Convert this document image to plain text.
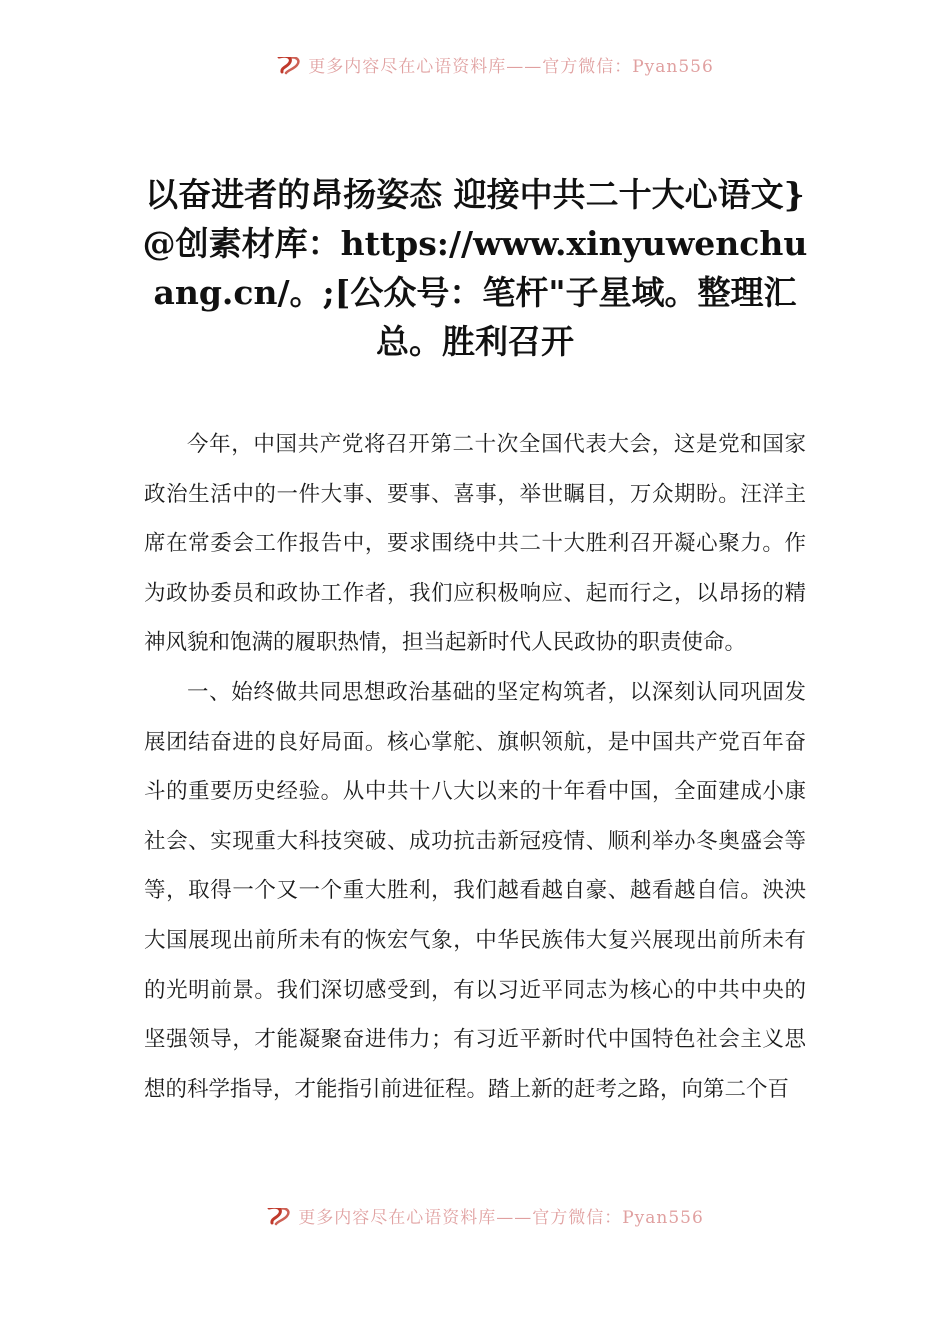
更多内容尽在心语资料库——官方微信：Pyan556
以奋进者的昂扬姿态 迎接中共二十大心语文}@创素材库：https://www.xinyuwenchuang.cn/。;[公众号：笔杆"子星域。整理汇总。胜利召开

今年，中国共产党将召开第二十次全国代表大会，这是党和国家政治生活中的一件大事、要事、喜事，举世瞩目，万众期盼。汪洋主席在常委会工作报告中，要求围绕中共二十大胜利召开凝心聚力。作为政协委员和政协工作者，我们应积极响应、起而行之，以昂扬的精神风貌和饱满的履职热情，担当起新时代人民政协的职责使命。

一、始终做共同思想政治基础的坚定构筑者，以深刻认同巩固发展团结奋进的良好局面。核心掌舵、旗帜领航，是中国共产党百年奋斗的重要历史经验。从中共十八大以来的十年看中国，全面建成小康社会、实现重大科技突破、成功抗击新冠疫情、顺利举办冬奥盛会等等，取得一个又一个重大胜利，我们越看越自豪、越看越自信。泱泱大国展现出前所未有的恢宏气象，中华民族伟大复兴展现出前所未有的光明前景。我们深切感受到，有以习近平同志为核心的中共中央的坚强领导，才能凝聚奋进伟力；有习近平新时代中国特色社会主义思想的科学指导，才能指引前进征程。踏上新的赶考之路，向第二个百

更多内容尽在心语资料库——官方微信：Pyan556
